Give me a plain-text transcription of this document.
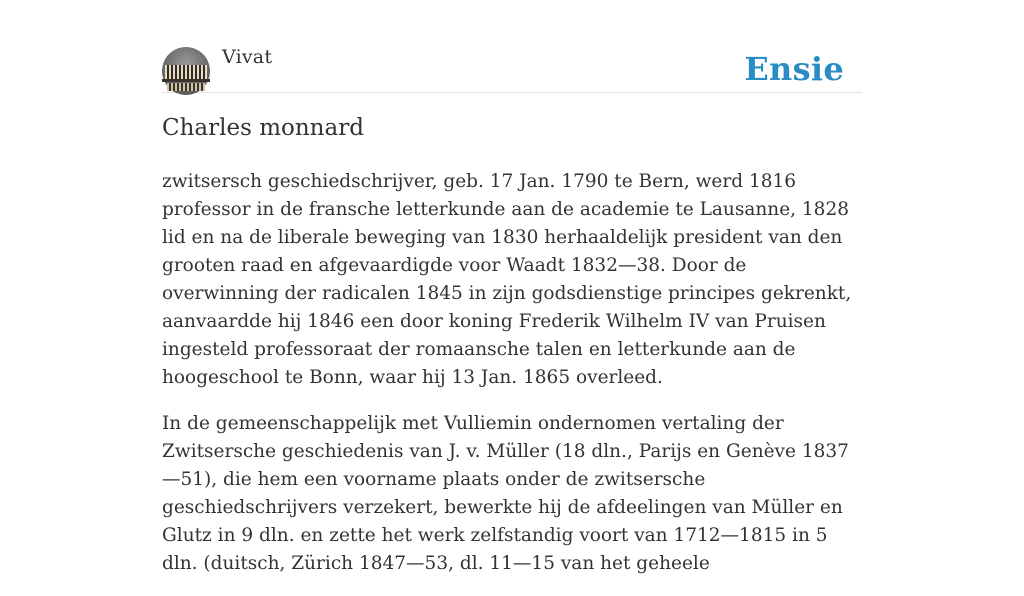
Vivat	Ensie
Charles monnard

zwitsersch geschiedschrijver, geb. 17 Jan. 1790 te Bern, werd 1816 professor in de fransche letterkunde aan de academie te Lausanne, 1828 lid en na de liberale beweging van 1830 herhaaldelijk president van den grooten raad en afgevaardigde voor Waadt 1832—38. Door de overwinning der radicalen 1845 in zijn godsdienstige principes gekrenkt, aanvaardde hij 1846 een door koning Frederik Wilhelm IV van Pruisen ingesteld professoraat der romaansche talen en letterkunde aan de hoogeschool te Bonn, waar hij 13 Jan. 1865 overleed.

In de gemeenschappelijk met Vulliemin ondernomen vertaling der Zwitsersche geschiedenis van J. v. Müller (18 dln., Parijs en Genève 1837—51), die hem een voorname plaats onder de zwitsersche geschiedschrijvers verzekert, bewerkte hij de afdeelingen van Müller en Glutz in 9 dln. en zette het werk zelfstandig voort van 1712—1815 in 5 dln. (duitsch, Zürich 1847—53, dl. 11—15 van het geheele
